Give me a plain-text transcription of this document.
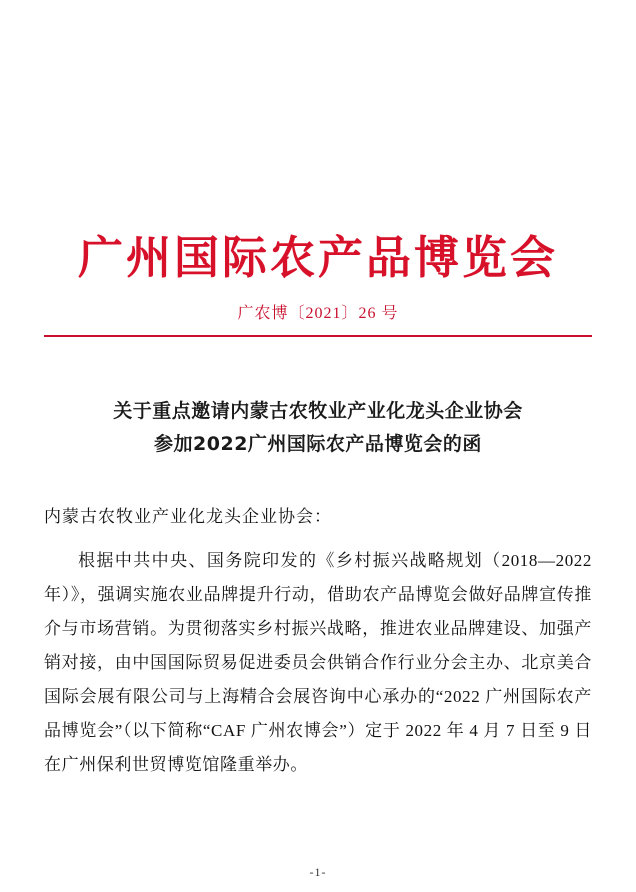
广州国际农产品博览会
广农博〔2021〕26 号
关于重点邀请内蒙古农牧业产业化龙头企业协会
参加2022广州国际农产品博览会的函
内蒙古农牧业产业化龙头企业协会：
根据中共中央、国务院印发的《乡村振兴战略规划（2018—2022年）》，强调实施农业品牌提升行动，借助农产品博览会做好品牌宣传推介与市场营销。为贯彻落实乡村振兴战略，推进农业品牌建设、加强产销对接，由中国国际贸易促进委员会供销合作行业分会主办、北京美合国际会展有限公司与上海精合会展咨询中心承办的“2022 广州国际农产品博览会”（以下简称“CAF 广州农博会”）定于 2022 年 4 月 7 日至 9 日在广州保利世贸博览馆隆重举办。
-1-
